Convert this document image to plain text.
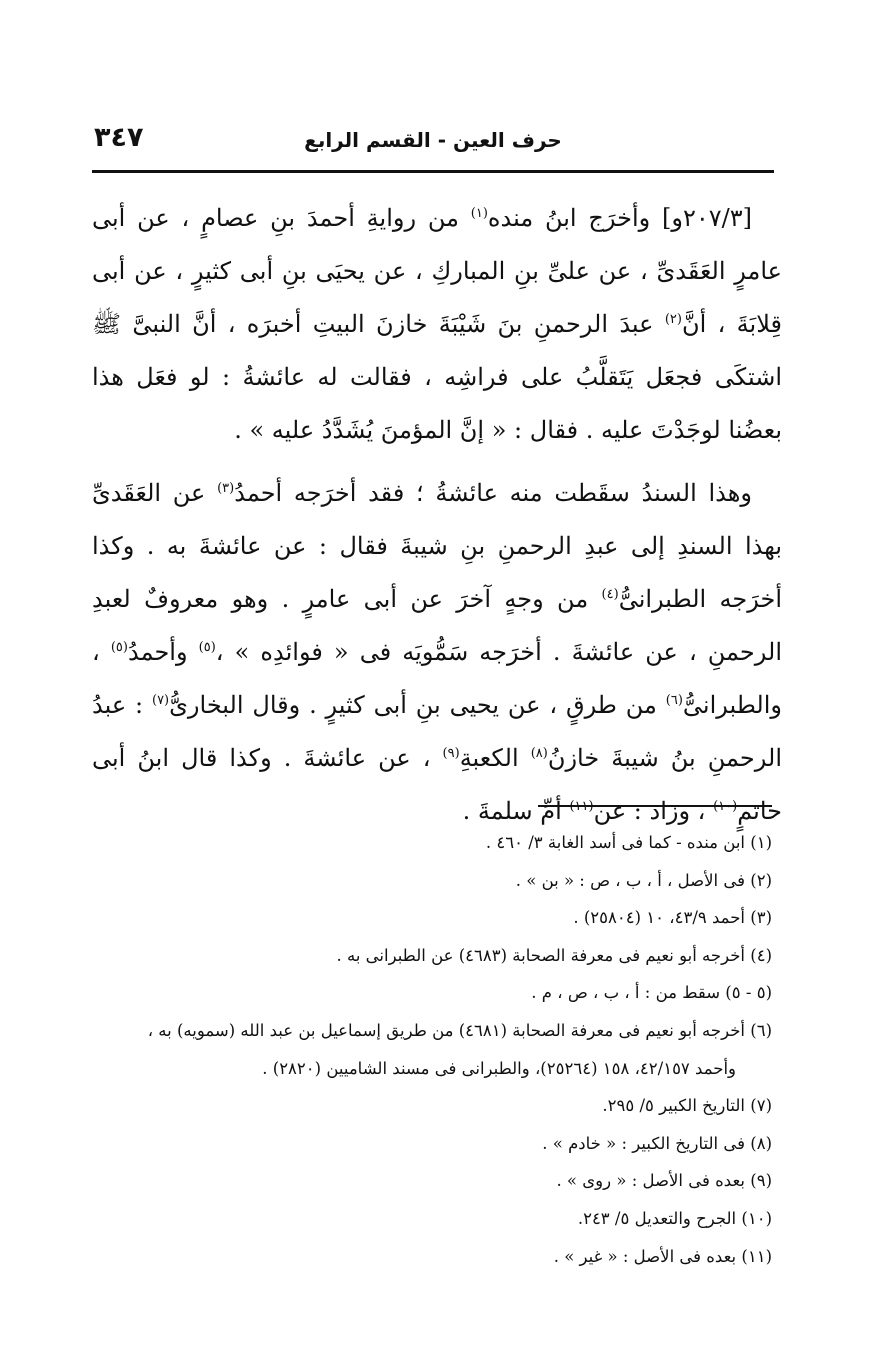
٣٤٧	حرف العين - القسم الرابع

[٢٠٧/٣و] وأخرَج ابنُ منده$^{(١)}$ من روايةِ أحمدَ بنِ عصامٍ ، عن أبى عامرٍ العَقَدىِّ ، عن علىِّ بنِ المباركِ ، عن يحيَى بنِ أبى كثيرٍ ، عن أبى قِلابَةَ ، أنَّ$^{(٢)}$ عبدَ الرحمنِ بنَ شَيْبَةَ خازنَ البيتِ أخبرَه ، أنَّ النبىَّ ﷺ اشتكَى فجعَل يَتَقلَّبُ على فراشِه ، فقالت له عائشةُ : لو فعَل هذا بعضُنا لوجَدْتَ عليه . فقال : « إنَّ المؤمنَ يُشَدَّدُ عليه » .

وهذا السندُ سقَطت منه عائشةُ ؛ فقد أخرَجه أحمدُ$^{(٣)}$ عن العَقَدىِّ بهذا السندِ إلى عبدِ الرحمنِ بنِ شيبةَ فقال : عن عائشةَ به . وكذا أخرَجه الطبرانىُّ$^{(٤)}$ من وجهٍ آخرَ عن أبى عامرٍ . وهو معروفٌ لعبدِ الرحمنِ ، عن عائشةَ . أخرَجه سَمُّويَه فى « فوائدِه » ،$^{(٥)}$ وأحمدُ$^{(٥)}$ ، والطبرانىُّ$^{(٦)}$ من طرقٍ ، عن يحيى بنِ أبى كثيرٍ . وقال البخارىُّ$^{(٧)}$ : عبدُ الرحمنِ بنُ شيبةَ خازنُ$^{(٨)}$ الكعبةِ$^{(٩)}$ ، عن عائشةَ . وكذا قال ابنُ أبى حاتمٍ$^{(١٠)}$ ، وزاد : عن$^{(١١)}$ أمِّ سلمةَ .

(١) ابن منده - كما فى أسد الغابة ٣/ ٤٦٠ .
(٢) فى الأصل ، أ ، ب ، ص : « بن » .
(٣) أحمد ٤٣/٩، ١٠ (٢٥٨٠٤) .
(٤) أخرجه أبو نعيم فى معرفة الصحابة (٤٦٨٣) عن الطبرانى به .
(٥ - ٥) سقط من : أ ، ب ، ص ، م .
(٦) أخرجه أبو نعيم فى معرفة الصحابة (٤٦٨١) من طريق إسماعيل بن عبد الله (سمويه) به ،
وأحمد ٤٢/١٥٧، ١٥٨ (٢٥٢٦٤)، والطبرانى فى مسند الشاميين (٢٨٢٠) .
(٧) التاريخ الكبير ٥/ ٢٩٥.
(٨) فى التاريخ الكبير : « خادم » .
(٩) بعده فى الأصل : « روى » .
(١٠) الجرح والتعديل ٥/ ٢٤٣.
(١١) بعده فى الأصل : « غير » .
